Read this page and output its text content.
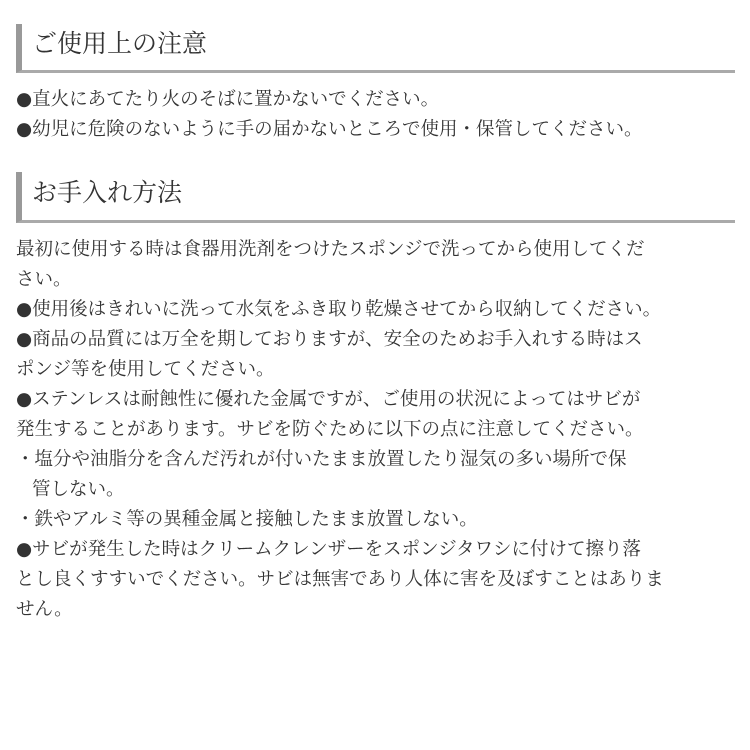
ご使用上の注意
●直火にあてたり火のそばに置かないでください。
●幼児に危険のないように手の届かないところで使用・保管してください。
お手入れ方法
最初に使用する時は食器用洗剤をつけたスポンジで洗ってから使用してくだ
さい。
●使用後はきれいに洗って水気をふき取り乾燥させてから収納してください。
●商品の品質には万全を期しておりますが、安全のためお手入れする時はス
ポンジ等を使用してください。
●ステンレスは耐蝕性に優れた金属ですが、ご使用の状況によってはサビが
発生することがあります。サビを防ぐために以下の点に注意してください。
・塩分や油脂分を含んだ汚れが付いたまま放置したり湿気の多い場所で保
管しない。
・鉄やアルミ等の異種金属と接触したまま放置しない。
●サビが発生した時はクリームクレンザーをスポンジタワシに付けて擦り落
とし良くすすいでください。サビは無害であり人体に害を及ぼすことはありま
せん。
